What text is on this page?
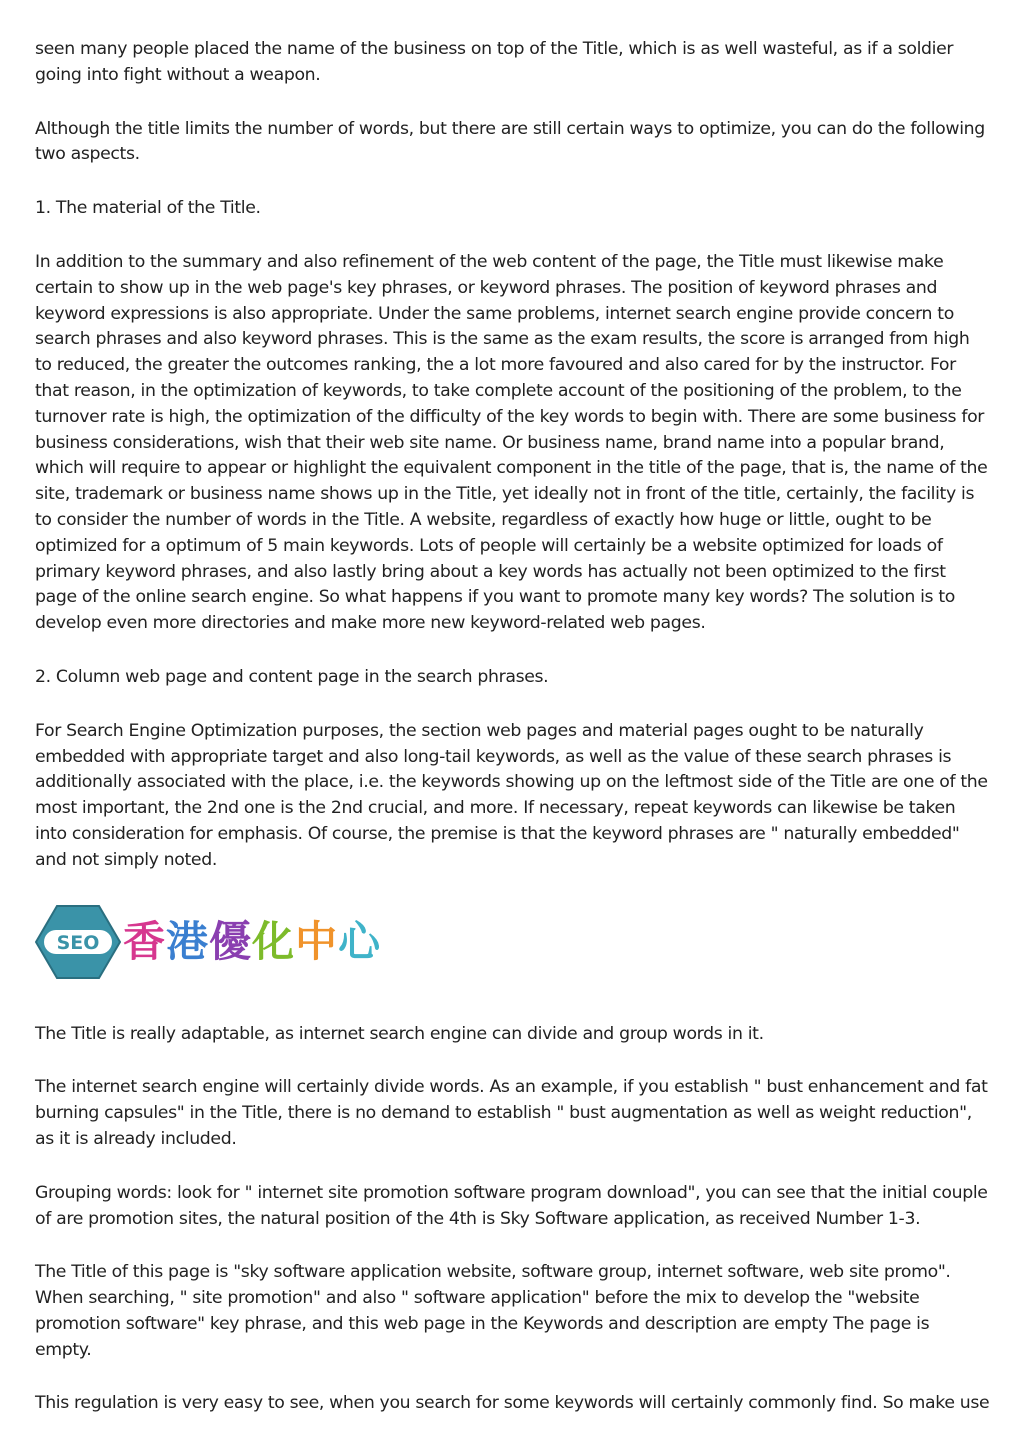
seen many people placed the name of the business on top of the Title, which is as well wasteful, as if a soldier going into fight without a weapon.

Although the title limits the number of words, but there are still certain ways to optimize, you can do the following two aspects.

1. The material of the Title.

In addition to the summary and also refinement of the web content of the page, the Title must likewise make certain to show up in the web page's key phrases, or keyword phrases. The position of keyword phrases and keyword expressions is also appropriate. Under the same problems, internet search engine provide concern to search phrases and also keyword phrases. This is the same as the exam results, the score is arranged from high to reduced, the greater the outcomes ranking, the a lot more favoured and also cared for by the instructor. For that reason, in the optimization of keywords, to take complete account of the positioning of the problem, to the turnover rate is high, the optimization of the difficulty of the key words to begin with. There are some business for business considerations, wish that their web site name. Or business name, brand name into a popular brand, which will require to appear or highlight the equivalent component in the title of the page, that is, the name of the site, trademark or business name shows up in the Title, yet ideally not in front of the title, certainly, the facility is to consider the number of words in the Title. A website, regardless of exactly how huge or little, ought to be optimized for a optimum of 5 main keywords. Lots of people will certainly be a website optimized for loads of primary keyword phrases, and also lastly bring about a key words has actually not been optimized to the first page of the online search engine. So what happens if you want to promote many key words? The solution is to develop even more directories and make more new keyword-related web pages.

2. Column web page and content page in the search phrases.

For Search Engine Optimization purposes, the section web pages and material pages ought to be naturally embedded with appropriate target and also long-tail keywords, as well as the value of these search phrases is additionally associated with the place, i.e. the keywords showing up on the leftmost side of the Title are one of the most important, the 2nd one is the 2nd crucial, and more. If necessary, repeat keywords can likewise be taken into consideration for emphasis. Of course, the premise is that the keyword phrases are " naturally embedded" and not simply noted.

SEO 香 港 優 化 中 心

The Title is really adaptable, as internet search engine can divide and group words in it.

The internet search engine will certainly divide words. As an example, if you establish " bust enhancement and fat burning capsules" in the Title, there is no demand to establish " bust augmentation as well as weight reduction", as it is already included.

Grouping words: look for " internet site promotion software program download", you can see that the initial couple of are promotion sites, the natural position of the 4th is Sky Software application, as received Number 1-3.

The Title of this page is "sky software application website, software group, internet software, web site promo". When searching, " site promotion" and also " software application" before the mix to develop the "website promotion software" key phrase, and this web page in the Keywords and description are empty The page is empty.

This regulation is very easy to see, when you search for some keywords will certainly commonly find. So make use
